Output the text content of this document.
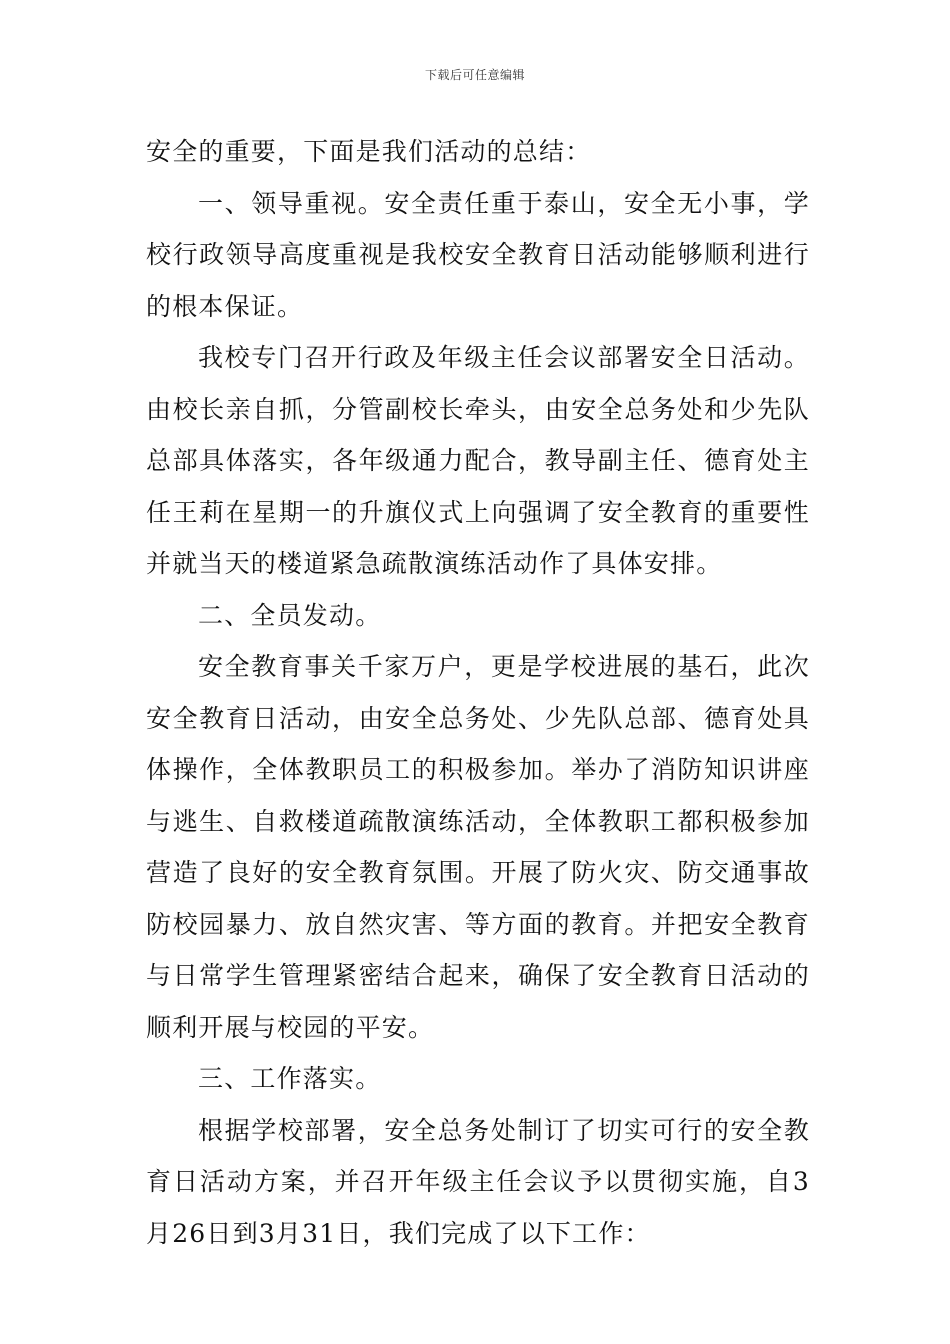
下载后可任意编辑

安全的重要，下面是我们活动的总结：

一、领导重视。安全责任重于泰山，安全无小事，学校行政领导高度重视是我校安全教育日活动能够顺利进行的根本保证。

我校专门召开行政及年级主任会议部署安全日活动。由校长亲自抓，分管副校长牵头，由安全总务处和少先队总部具体落实，各年级通力配合，教导副主任、德育处主任王莉在星期一的升旗仪式上向强调了安全教育的重要性并就当天的楼道紧急疏散演练活动作了具体安排。

二、全员发动。

安全教育事关千家万户，更是学校进展的基石，此次安全教育日活动，由安全总务处、少先队总部、德育处具体操作，全体教职员工的积极参加。举办了消防知识讲座与逃生、自救楼道疏散演练活动，全体教职工都积极参加营造了良好的安全教育氛围。开展了防火灾、防交通事故防校园暴力、放自然灾害、等方面的教育。并把安全教育与日常学生管理紧密结合起来，确保了安全教育日活动的顺利开展与校园的平安。

三、工作落实。

根据学校部署，安全总务处制订了切实可行的安全教育日活动方案，并召开年级主任会议予以贯彻实施，自3月26日到3月31日，我们完成了以下工作：
